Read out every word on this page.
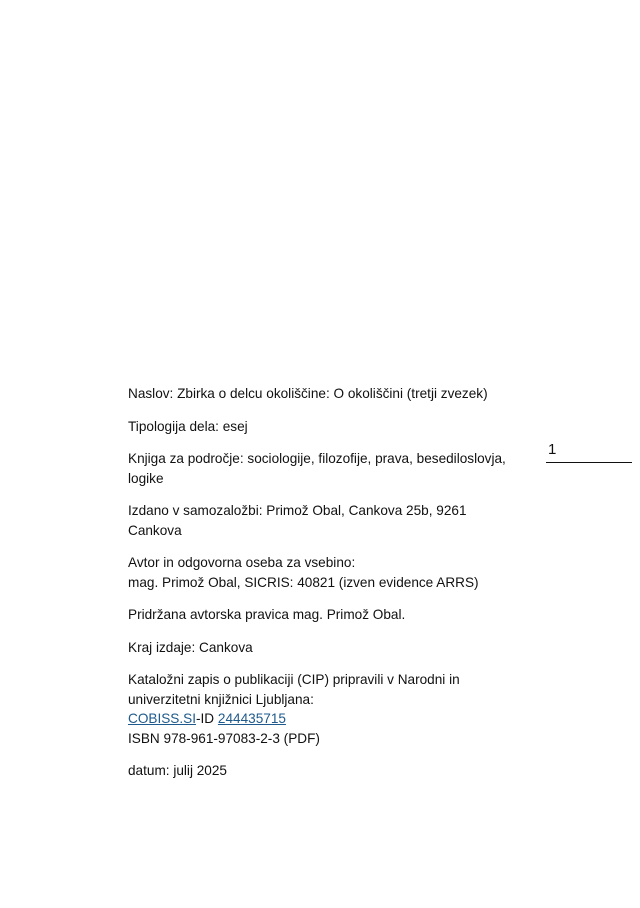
Naslov: Zbirka o delcu okoliščine: O okoliščini (tretji zvezek)

Tipologija dela: esej

Knjiga za področje: sociologije, filozofije, prava, besediloslovja,
logike

Izdano v samozaložbi: Primož Obal, Cankova 25b, 9261
Cankova

Avtor in odgovorna oseba za vsebino:
mag. Primož Obal, SICRIS: 40821 (izven evidence ARRS)

Pridržana avtorska pravica mag. Primož Obal.

Kraj izdaje: Cankova

Kataložni zapis o publikaciji (CIP) pripravili v Narodni in
univerzitetni knjižnici Ljubljana:
COBISS.SI-ID 244435715
ISBN 978-961-97083-2-3 (PDF)

datum: julij 2025

1
